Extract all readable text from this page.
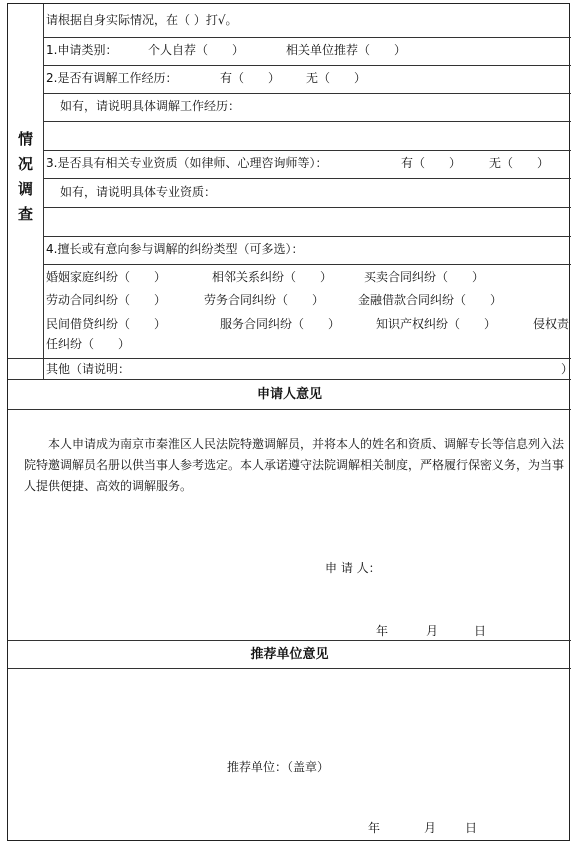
情况调查
请根据自身实际情况，在（ ）打√。
1.申请类别：	个人自荐（　　）	相关单位推荐（　　）
2.是否有调解工作经历：	有（　　） 无（　　）
如有，请说明具体调解工作经历：
3.是否具有相关专业资质（如律师、心理咨询师等）：	有（　　） 无（　　）
如有，请说明具体专业资质：
4.擅长或有意向参与调解的纠纷类型（可多选）：
婚姻家庭纠纷（　　）	相邻关系纠纷（　　）	买卖合同纠纷（　　）
劳动合同纠纷（　　）	劳务合同纠纷（　　）	金融借款合同纠纷（　　）
民间借贷纠纷（　　）	服务合同纠纷（　　）	知识产权纠纷（　　）	侵权责
任纠纷（　　）
其他（请说明：	）
申请人意见
本人申请成为南京市秦淮区人民法院特邀调解员，并将本人的姓名和资质、调解专长等信息列入法院特邀调解员名册以供当事人参考选定。本人承诺遵守法院调解相关制度，严格履行保密义务，为当事人提供便捷、高效的调解服务。
申 请 人：
年	月	日
推荐单位意见
推荐单位：（盖章）
年	月 日
